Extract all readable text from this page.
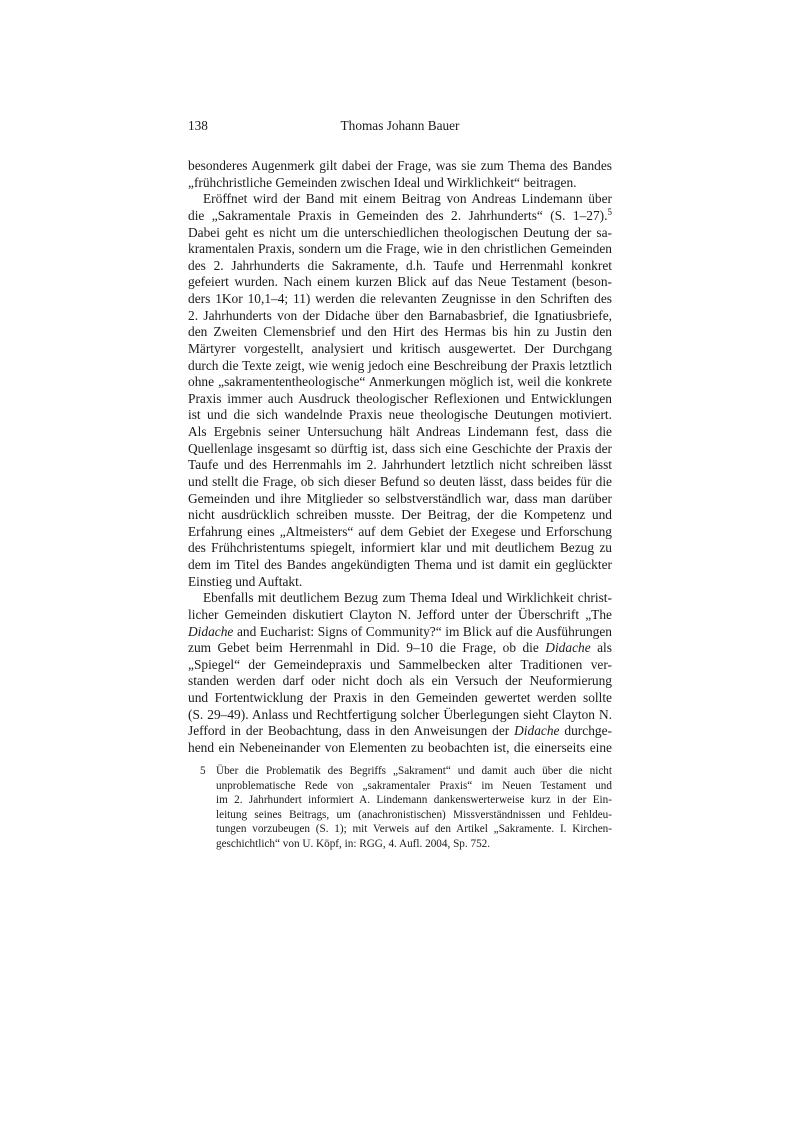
138	Thomas Johann Bauer
besonderes Augenmerk gilt dabei der Frage, was sie zum Thema des Bandes
„frühchristliche Gemeinden zwischen Ideal und Wirklichkeit“ beitragen.
Eröffnet wird der Band mit einem Beitrag von Andreas Lindemann über
die „Sakramentale Praxis in Gemeinden des 2. Jahrhunderts“ (S. 1–27).$^5$
Dabei geht es nicht um die unterschiedlichen theologischen Deutung der sa-
kramentalen Praxis, sondern um die Frage, wie in den christlichen Gemeinden
des 2. Jahrhunderts die Sakramente, d.h. Taufe und Herrenmahl konkret
gefeiert wurden. Nach einem kurzen Blick auf das Neue Testament (beson-
ders 1Kor 10,1–4; 11) werden die relevanten Zeugnisse in den Schriften des
2. Jahrhunderts von der Didache über den Barnabasbrief, die Ignatiusbriefe,
den Zweiten Clemensbrief und den Hirt des Hermas bis hin zu Justin den
Märtyrer vorgestellt, analysiert und kritisch ausgewertet. Der Durchgang
durch die Texte zeigt, wie wenig jedoch eine Beschreibung der Praxis letztlich
ohne „sakramententheologische“ Anmerkungen möglich ist, weil die konkrete
Praxis immer auch Ausdruck theologischer Reflexionen und Entwicklungen
ist und die sich wandelnde Praxis neue theologische Deutungen motiviert.
Als Ergebnis seiner Untersuchung hält Andreas Lindemann fest, dass die
Quellenlage insgesamt so dürftig ist, dass sich eine Geschichte der Praxis der
Taufe und des Herrenmahls im 2. Jahrhundert letztlich nicht schreiben lässt
und stellt die Frage, ob sich dieser Befund so deuten lässt, dass beides für die
Gemeinden und ihre Mitglieder so selbstverständlich war, dass man darüber
nicht ausdrücklich schreiben musste. Der Beitrag, der die Kompetenz und
Erfahrung eines „Altmeisters“ auf dem Gebiet der Exegese und Erforschung
des Frühchristentums spiegelt, informiert klar und mit deutlichem Bezug zu
dem im Titel des Bandes angekündigten Thema und ist damit ein geglückter
Einstieg und Auftakt.
Ebenfalls mit deutlichem Bezug zum Thema Ideal und Wirklichkeit christ-
licher Gemeinden diskutiert Clayton N. Jefford unter der Überschrift „The
Didache and Eucharist: Signs of Community?“ im Blick auf die Ausführungen
zum Gebet beim Herrenmahl in Did. 9–10 die Frage, ob die Didache als
„Spiegel“ der Gemeindepraxis und Sammelbecken alter Traditionen ver-
standen werden darf oder nicht doch als ein Versuch der Neuformierung
und Fortentwicklung der Praxis in den Gemeinden gewertet werden sollte
(S. 29–49). Anlass und Rechtfertigung solcher Überlegungen sieht Clayton N.
Jefford in der Beobachtung, dass in den Anweisungen der Didache durchge-
hend ein Nebeneinander von Elementen zu beobachten ist, die einerseits eine
5 Über die Problematik des Begriffs „Sakrament“ und damit auch über die nicht
unproblematische Rede von „sakramentaler Praxis“ im Neuen Testament und
im 2. Jahrhundert informiert A. Lindemann dankenswerterweise kurz in der Ein-
leitung seines Beitrags, um (anachronistischen) Missverständnissen und Fehldeu-
tungen vorzubeugen (S. 1); mit Verweis auf den Artikel „Sakramente. I. Kirchen-
geschichtlich“ von U. Köpf, in: RGG, 4. Aufl. 2004, Sp. 752.
